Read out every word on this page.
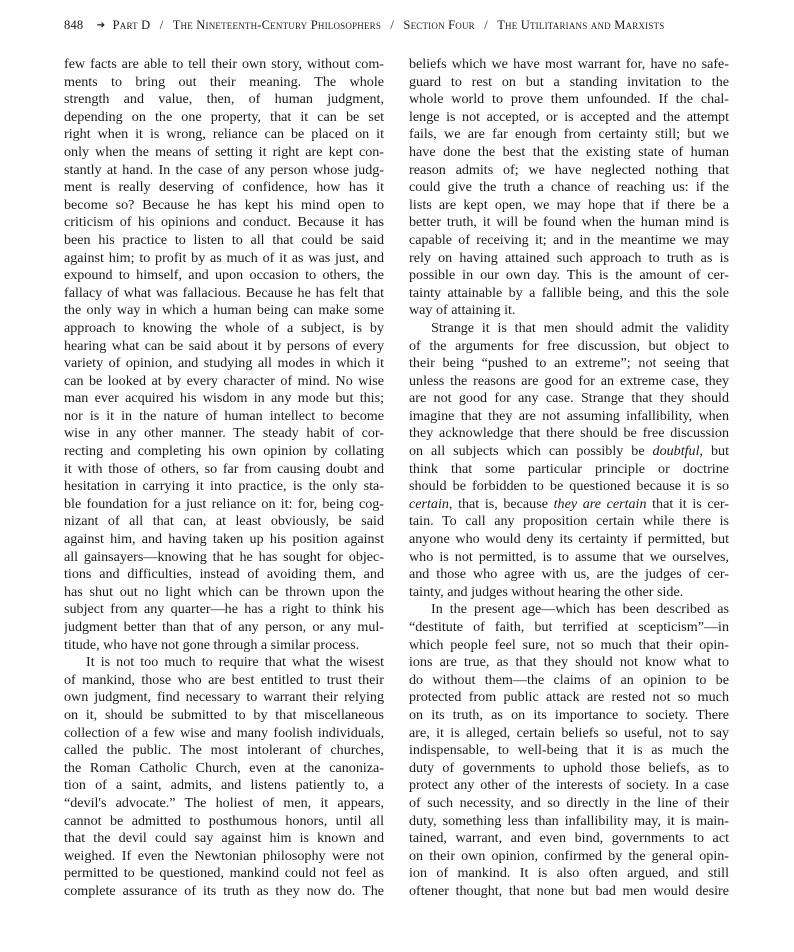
848 ➔ Part D / The Nineteenth-Century Philosophers / Section Four / The Utilitarians and Marxists
few facts are able to tell their own story, without com-
ments to bring out their meaning. The whole
strength and value, then, of human judgment,
depending on the one property, that it can be set
right when it is wrong, reliance can be placed on it
only when the means of setting it right are kept con-
stantly at hand. In the case of any person whose judg-
ment is really deserving of confidence, how has it
become so? Because he has kept his mind open to
criticism of his opinions and conduct. Because it has
been his practice to listen to all that could be said
against him; to profit by as much of it as was just, and
expound to himself, and upon occasion to others, the
fallacy of what was fallacious. Because he has felt that
the only way in which a human being can make some
approach to knowing the whole of a subject, is by
hearing what can be said about it by persons of every
variety of opinion, and studying all modes in which it
can be looked at by every character of mind. No wise
man ever acquired his wisdom in any mode but this;
nor is it in the nature of human intellect to become
wise in any other manner. The steady habit of cor-
recting and completing his own opinion by collating
it with those of others, so far from causing doubt and
hesitation in carrying it into practice, is the only sta-
ble foundation for a just reliance on it: for, being cog-
nizant of all that can, at least obviously, be said
against him, and having taken up his position against
all gainsayers—knowing that he has sought for objec-
tions and difficulties, instead of avoiding them, and
has shut out no light which can be thrown upon the
subject from any quarter—he has a right to think his
judgment better than that of any person, or any mul-
titude, who have not gone through a similar process.
It is not too much to require that what the wisest
of mankind, those who are best entitled to trust their
own judgment, find necessary to warrant their relying
on it, should be submitted to by that miscellaneous
collection of a few wise and many foolish individuals,
called the public. The most intolerant of churches,
the Roman Catholic Church, even at the canoniza-
tion of a saint, admits, and listens patiently to, a
“devil's advocate.” The holiest of men, it appears,
cannot be admitted to posthumous honors, until all
that the devil could say against him is known and
weighed. If even the Newtonian philosophy were not
permitted to be questioned, mankind could not feel as
complete assurance of its truth as they now do. The
beliefs which we have most warrant for, have no safe-
guard to rest on but a standing invitation to the
whole world to prove them unfounded. If the chal-
lenge is not accepted, or is accepted and the attempt
fails, we are far enough from certainty still; but we
have done the best that the existing state of human
reason admits of; we have neglected nothing that
could give the truth a chance of reaching us: if the
lists are kept open, we may hope that if there be a
better truth, it will be found when the human mind is
capable of receiving it; and in the meantime we may
rely on having attained such approach to truth as is
possible in our own day. This is the amount of cer-
tainty attainable by a fallible being, and this the sole
way of attaining it.
Strange it is that men should admit the validity
of the arguments for free discussion, but object to
their being “pushed to an extreme”; not seeing that
unless the reasons are good for an extreme case, they
are not good for any case. Strange that they should
imagine that they are not assuming infallibility, when
they acknowledge that there should be free discussion
on all subjects which can possibly be doubtful, but
think that some particular principle or doctrine
should be forbidden to be questioned because it is so
certain, that is, because they are certain that it is cer-
tain. To call any proposition certain while there is
anyone who would deny its certainty if permitted, but
who is not permitted, is to assume that we ourselves,
and those who agree with us, are the judges of cer-
tainty, and judges without hearing the other side.
In the present age—which has been described as
“destitute of faith, but terrified at scepticism”—in
which people feel sure, not so much that their opin-
ions are true, as that they should not know what to
do without them—the claims of an opinion to be
protected from public attack are rested not so much
on its truth, as on its importance to society. There
are, it is alleged, certain beliefs so useful, not to say
indispensable, to well-being that it is as much the
duty of governments to uphold those beliefs, as to
protect any other of the interests of society. In a case
of such necessity, and so directly in the line of their
duty, something less than infallibility may, it is main-
tained, warrant, and even bind, governments to act
on their own opinion, confirmed by the general opin-
ion of mankind. It is also often argued, and still
oftener thought, that none but bad men would desire
